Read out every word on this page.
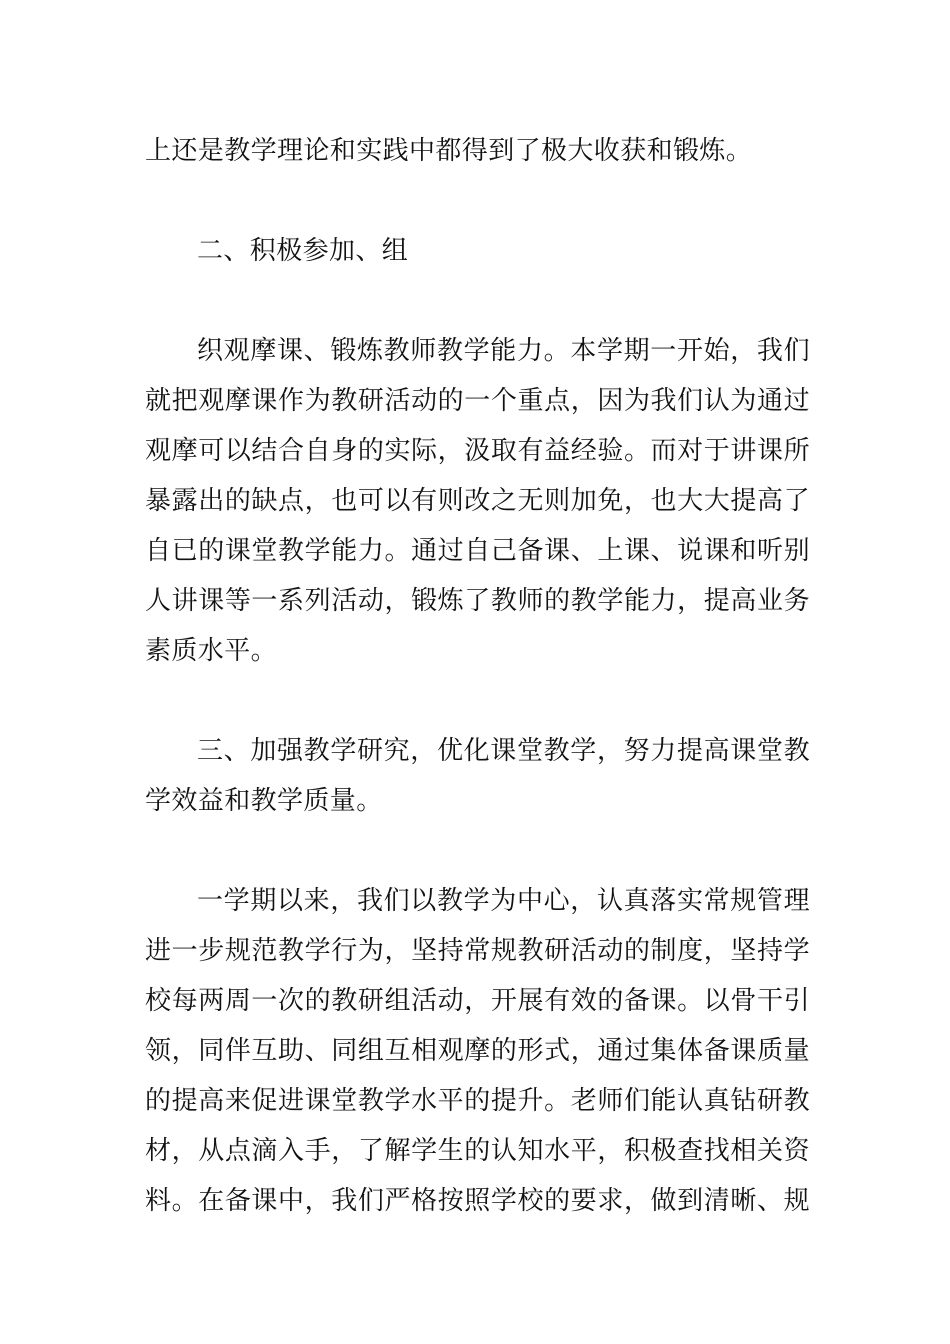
上还是教学理论和实践中都得到了极大收获和锻炼。
二、积极参加、组
织观摩课、锻炼教师教学能力。本学期一开始，我们
就把观摩课作为教研活动的一个重点，因为我们认为通过
观摩可以结合自身的实际，汲取有益经验。而对于讲课所
暴露出的缺点，也可以有则改之无则加免，也大大提高了
自已的课堂教学能力。通过自己备课、上课、说课和听别
人讲课等一系列活动，锻炼了教师的教学能力，提高业务
素质水平。
三、加强教学研究，优化课堂教学，努力提高课堂教
学效益和教学质量。
一学期以来，我们以教学为中心，认真落实常规管理
进一步规范教学行为，坚持常规教研活动的制度，坚持学
校每两周一次的教研组活动，开展有效的备课。以骨干引
领，同伴互助、同组互相观摩的形式，通过集体备课质量
的提高来促进课堂教学水平的提升。老师们能认真钻研教
材，从点滴入手，了解学生的认知水平，积极查找相关资
料。在备课中，我们严格按照学校的要求，做到清晰、规
